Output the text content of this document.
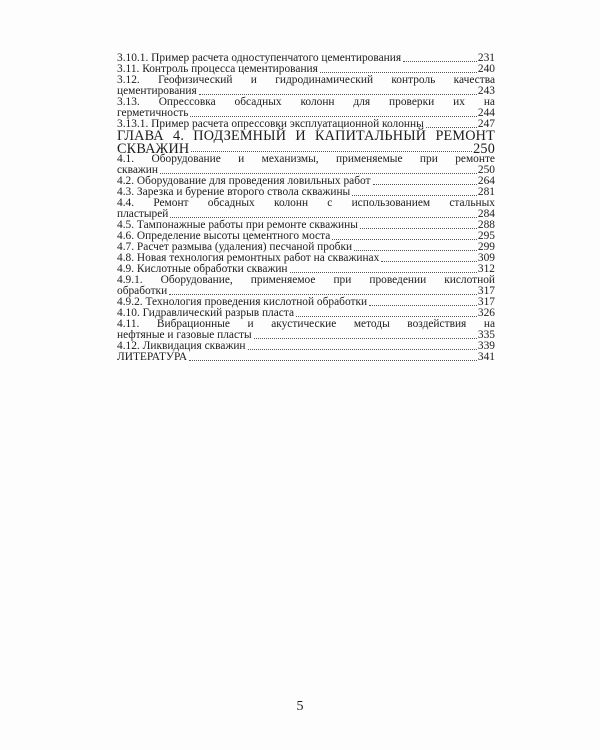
3.10.1. Пример расчета одноступенчатого цементирования	231
3.11. Контроль процесса цементирования	240
3.12. Геофизический и гидродинамический контроль качества
цементирования	243
3.13. Опрессовка обсадных колонн для проверки их на
герметичность	244
3.13.1. Пример расчета опрессовки эксплуатационной колонны	247
ГЛАВА 4. ПОДЗЕМНЫЙ И КАПИТАЛЬНЫЙ РЕМОНТ
СКВАЖИН	250
4.1. Оборудование и механизмы, применяемые при ремонте
скважин	250
4.2. Оборудование для проведения ловильных работ	264
4.3. Зарезка и бурение второго ствола скважины	281
4.4. Ремонт обсадных колонн с использованием стальных
пластырей	284
4.5. Тампонажные работы при ремонте скважины	288
4.6. Определение высоты цементного моста	295
4.7. Расчет размыва (удаления) песчаной пробки	299
4.8. Новая технология ремонтных работ на скважинах	309
4.9. Кислотные обработки скважин	312
4.9.1. Оборудование, применяемое при проведении кислотной
обработки	317
4.9.2. Технология проведения кислотной обработки	317
4.10. Гидравлический разрыв пласта	326
4.11. Вибрационные и акустические методы воздействия на
нефтяные и газовые пласты	335
4.12. Ликвидация скважин	339
ЛИТЕРАТУРА	341
5
